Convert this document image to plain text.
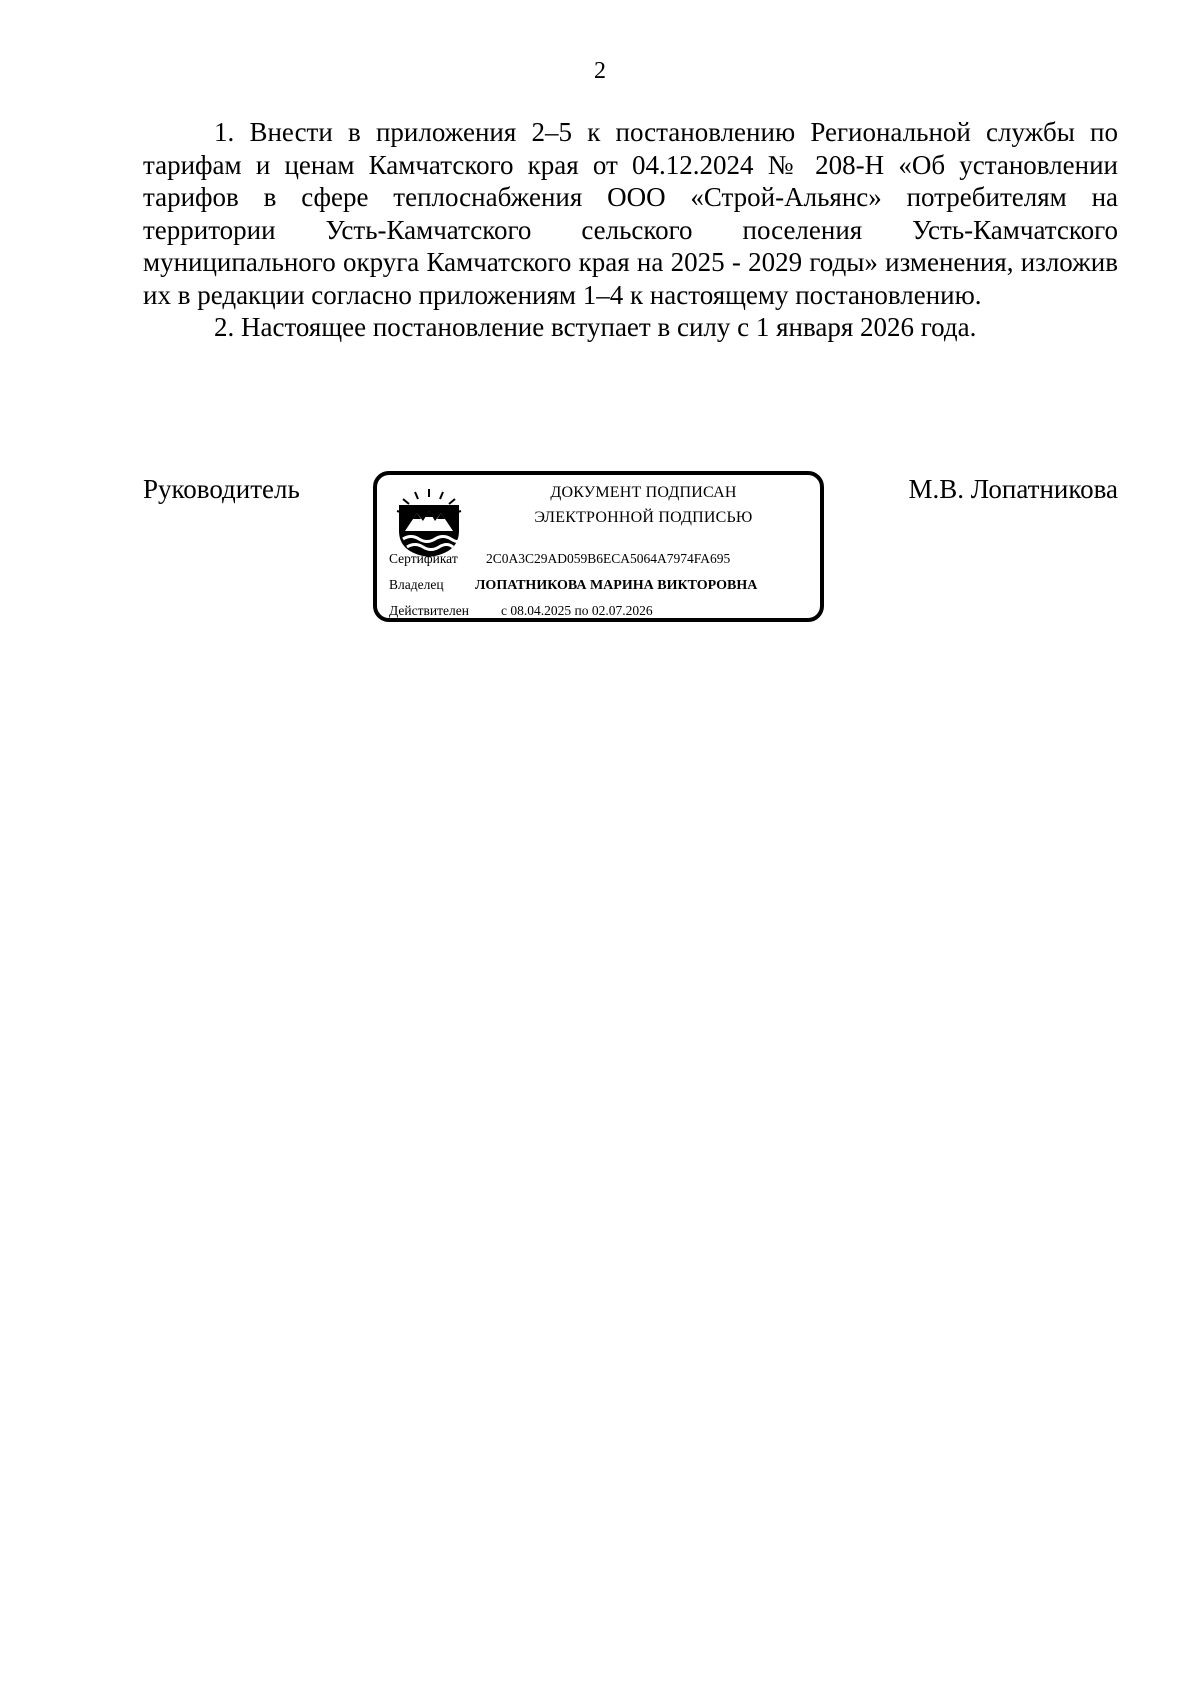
2

1. Внести в приложения 2–5 к постановлению Региональной службы по тарифам и ценам Камчатского края от 04.12.2024 № 208-Н «Об установлении тарифов в сфере теплоснабжения ООО «Строй-Альянс» потребителям на территории Усть-Камчатского сельского поселения Усть-Камчатского муниципального округа Камчатского края на 2025 - 2029 годы» изменения, изложив их в редакции согласно приложениям 1–4 к настоящему постановлению.

2. Настоящее постановление вступает в силу с 1 января 2026 года.

Руководитель	ДОКУМЕНТ ПОДПИСАН
ЭЛЕКТРОННОЙ ПОДПИСЬЮ
Сертификат 2C0A3C29AD059B6ECA5064A7974FA695
Владелец ЛОПАТНИКОВА МАРИНА ВИКТОРОВНА
Действителен с 08.04.2025 по 02.07.2026
М.В. Лопатникова
